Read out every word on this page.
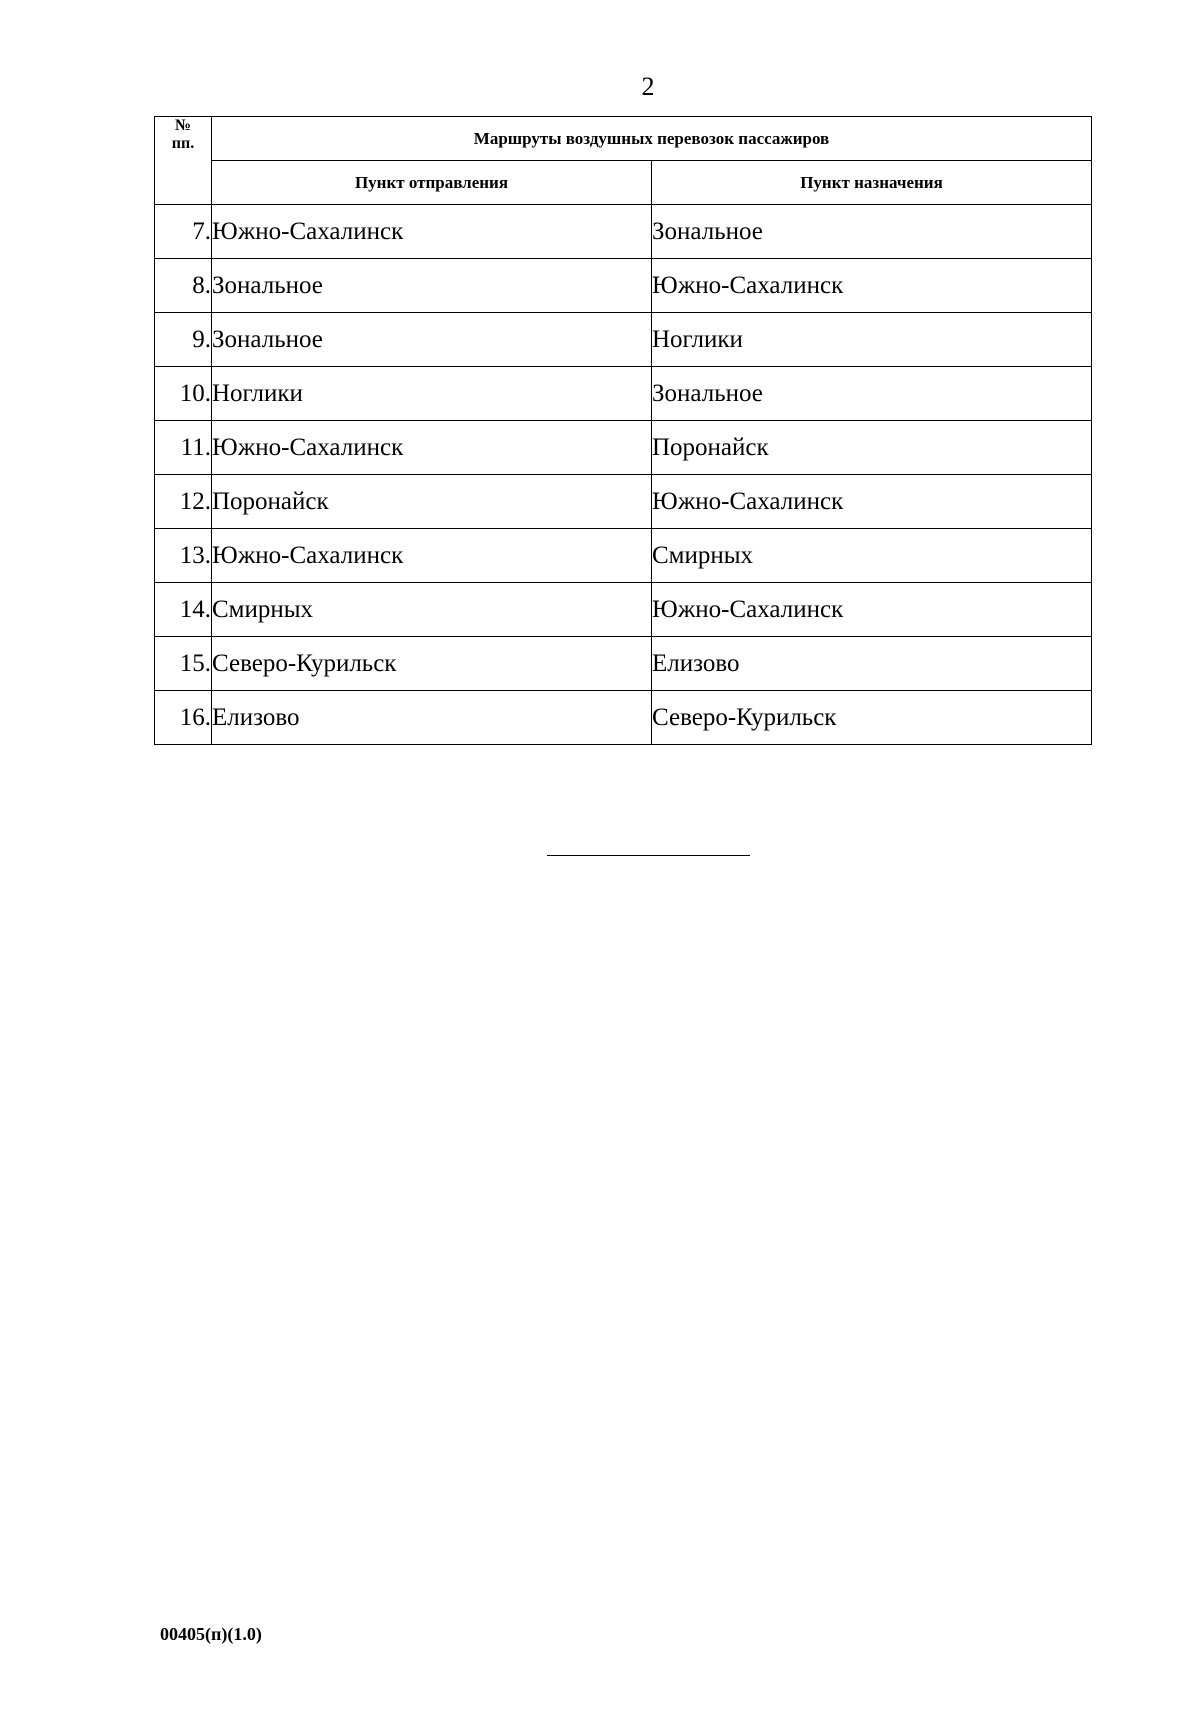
2
№
пп.	Маршруты воздушных перевозок пассажиров	
	Пункт отправления	Пункт назначения
7.	Южно-Сахалинск	Зональное
8.	Зональное	Южно-Сахалинск
9.	Зональное	Ноглики
10.	Ноглики	Зональное
11.	Южно-Сахалинск	Поронайск
12.	Поронайск	Южно-Сахалинск
13.	Южно-Сахалинск	Смирных
14.	Смирных	Южно-Сахалинск
15.	Северо-Курильск	Елизово
16.	Елизово	Северо-Курильск
00405(п)(1.0)
